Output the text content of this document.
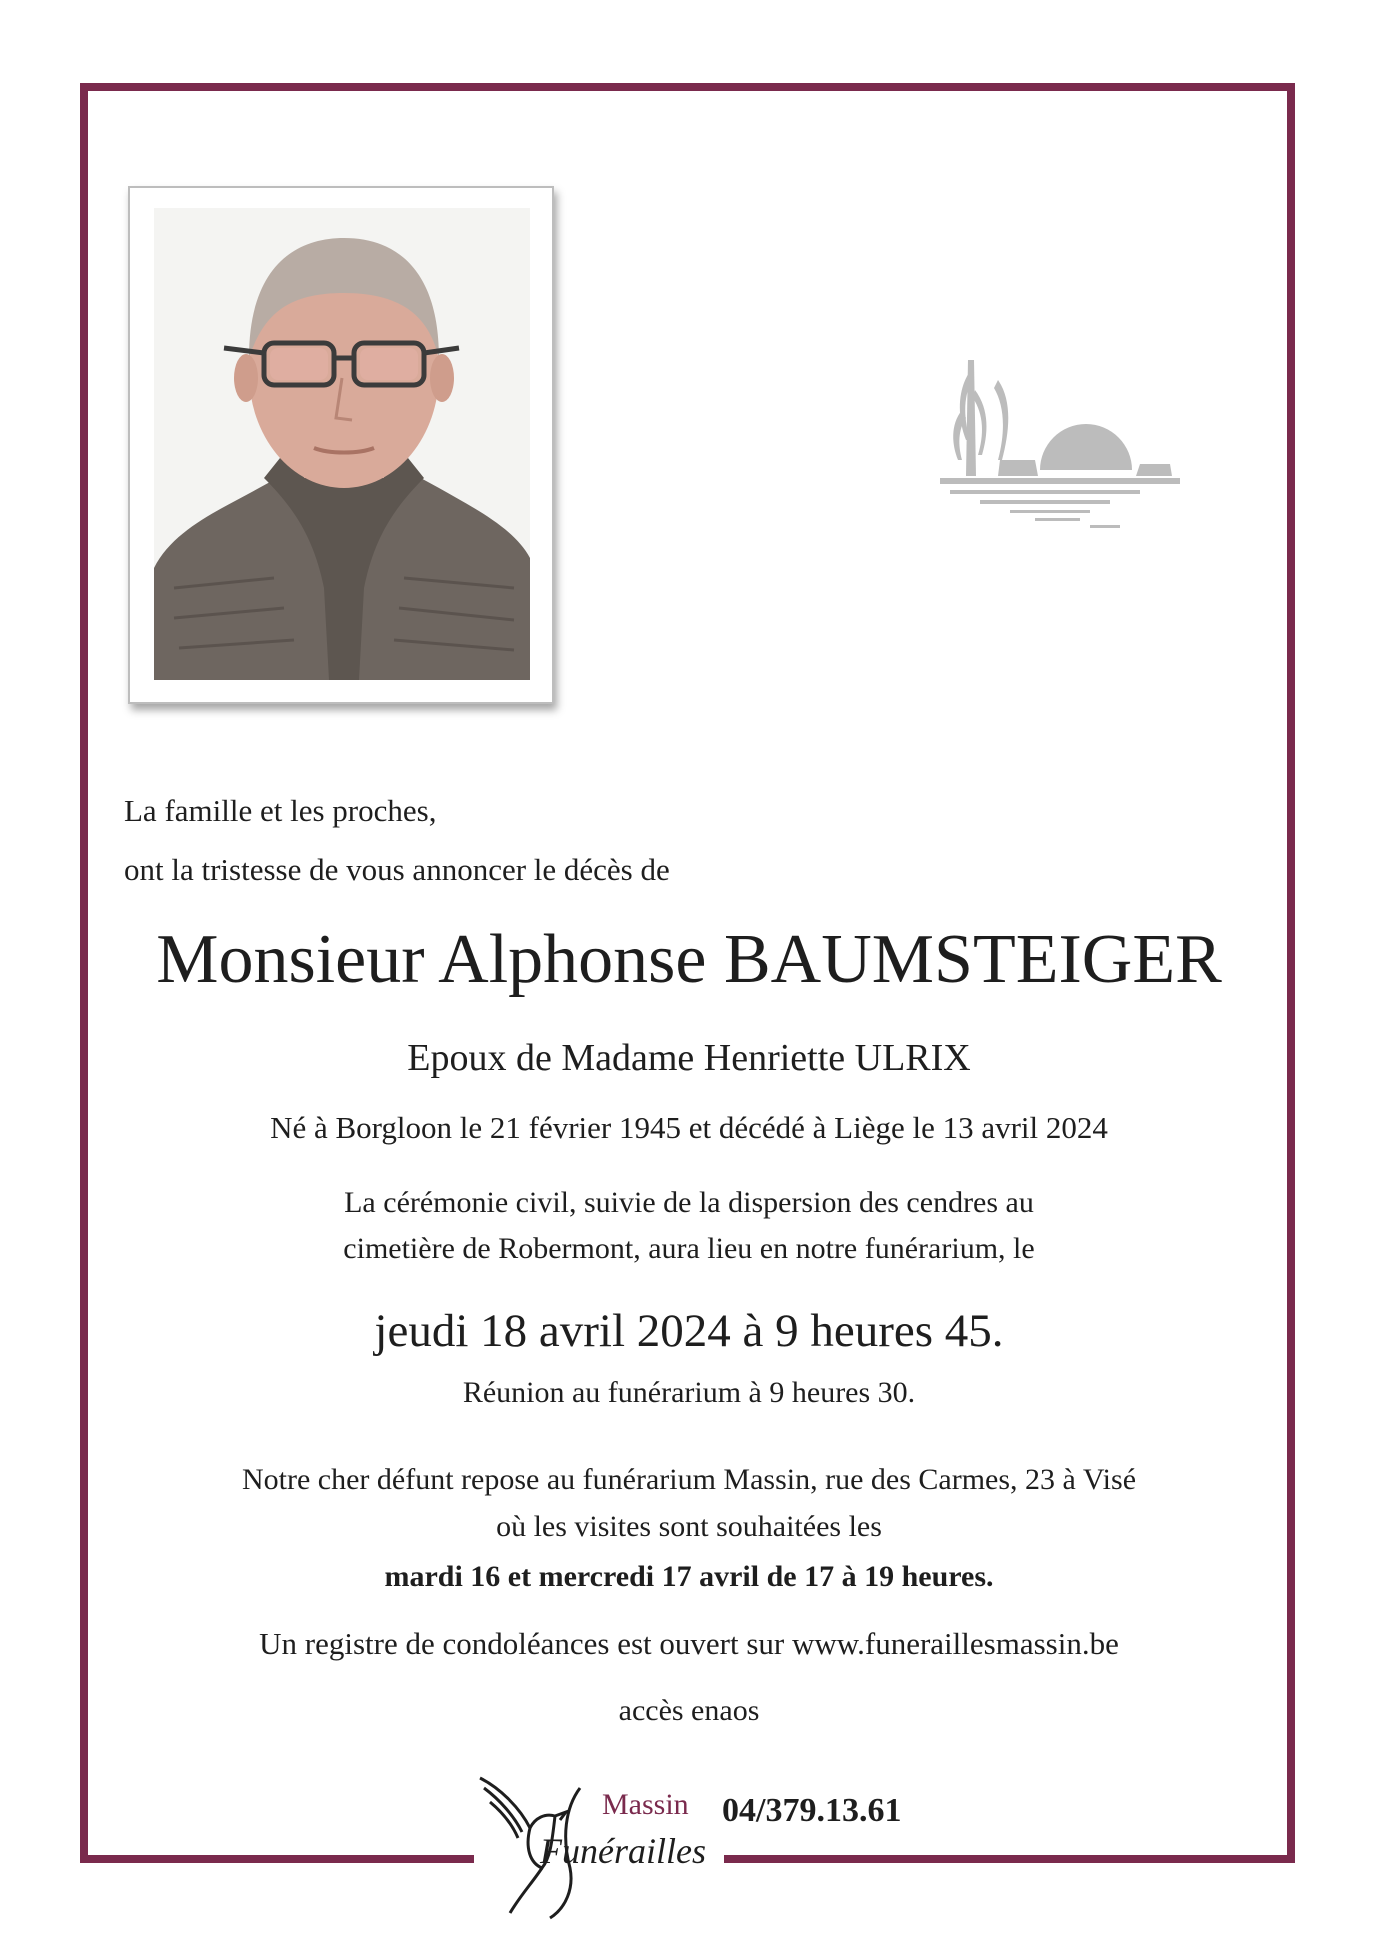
La famille et les proches,
ont la tristesse de vous annoncer le décès de
Monsieur Alphonse BAUMSTEIGER
Epoux de Madame Henriette ULRIX
Né à Borgloon le 21 février 1945 et décédé à Liège le 13 avril 2024
La cérémonie civil, suivie de la dispersion des cendres au
cimetière de Robermont, aura lieu en notre funérarium, le
jeudi 18 avril 2024 à 9 heures 45.
Réunion au funérarium à 9 heures 30.
Notre cher défunt repose au funérarium Massin, rue des Carmes, 23 à Visé
où les visites sont souhaitées les
mardi 16 et mercredi 17 avril de 17 à 19 heures.
Un registre de condoléances est ouvert sur www.funeraillesmassin.be
accès enaos
Massin
Funérailles
04/379.13.61
